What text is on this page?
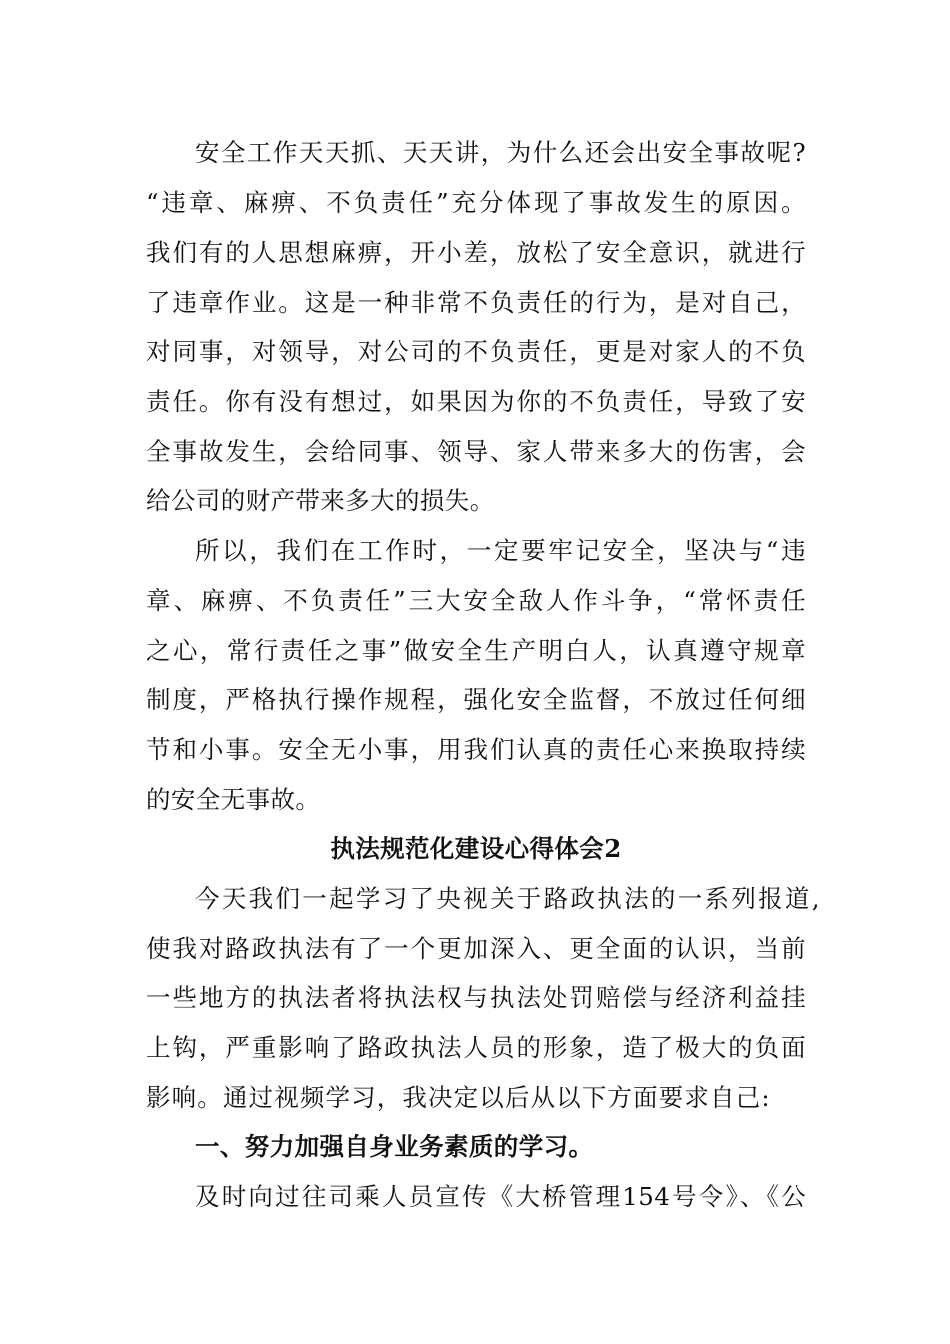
安全工作天天抓、天天讲，为什么还会出安全事故呢?
“违章、麻痹、不负责任”充分体现了事故发生的原因。
我们有的人思想麻痹，开小差，放松了安全意识，就进行
了违章作业。这是一种非常不负责任的行为，是对自己，
对同事，对领导，对公司的不负责任，更是对家人的不负
责任。你有没有想过，如果因为你的不负责任，导致了安
全事故发生，会给同事、领导、家人带来多大的伤害，会
给公司的财产带来多大的损失。
所以，我们在工作时，一定要牢记安全，坚决与“违
章、麻痹、不负责任”三大安全敌人作斗争，“常怀责任
之心，常行责任之事”做安全生产明白人，认真遵守规章
制度，严格执行操作规程，强化安全监督，不放过任何细
节和小事。安全无小事，用我们认真的责任心来换取持续
的安全无事故。
执法规范化建设心得体会2
今天我们一起学习了央视关于路政执法的一系列报道,
使我对路政执法有了一个更加深入、更全面的认识，当前
一些地方的执法者将执法权与执法处罚赔偿与经济利益挂
上钩，严重影响了路政执法人员的形象，造了极大的负面
影响。通过视频学习，我决定以后从以下方面要求自己:
一、努力加强自身业务素质的学习。
及时向过往司乘人员宣传《大桥管理154号令》、《公
